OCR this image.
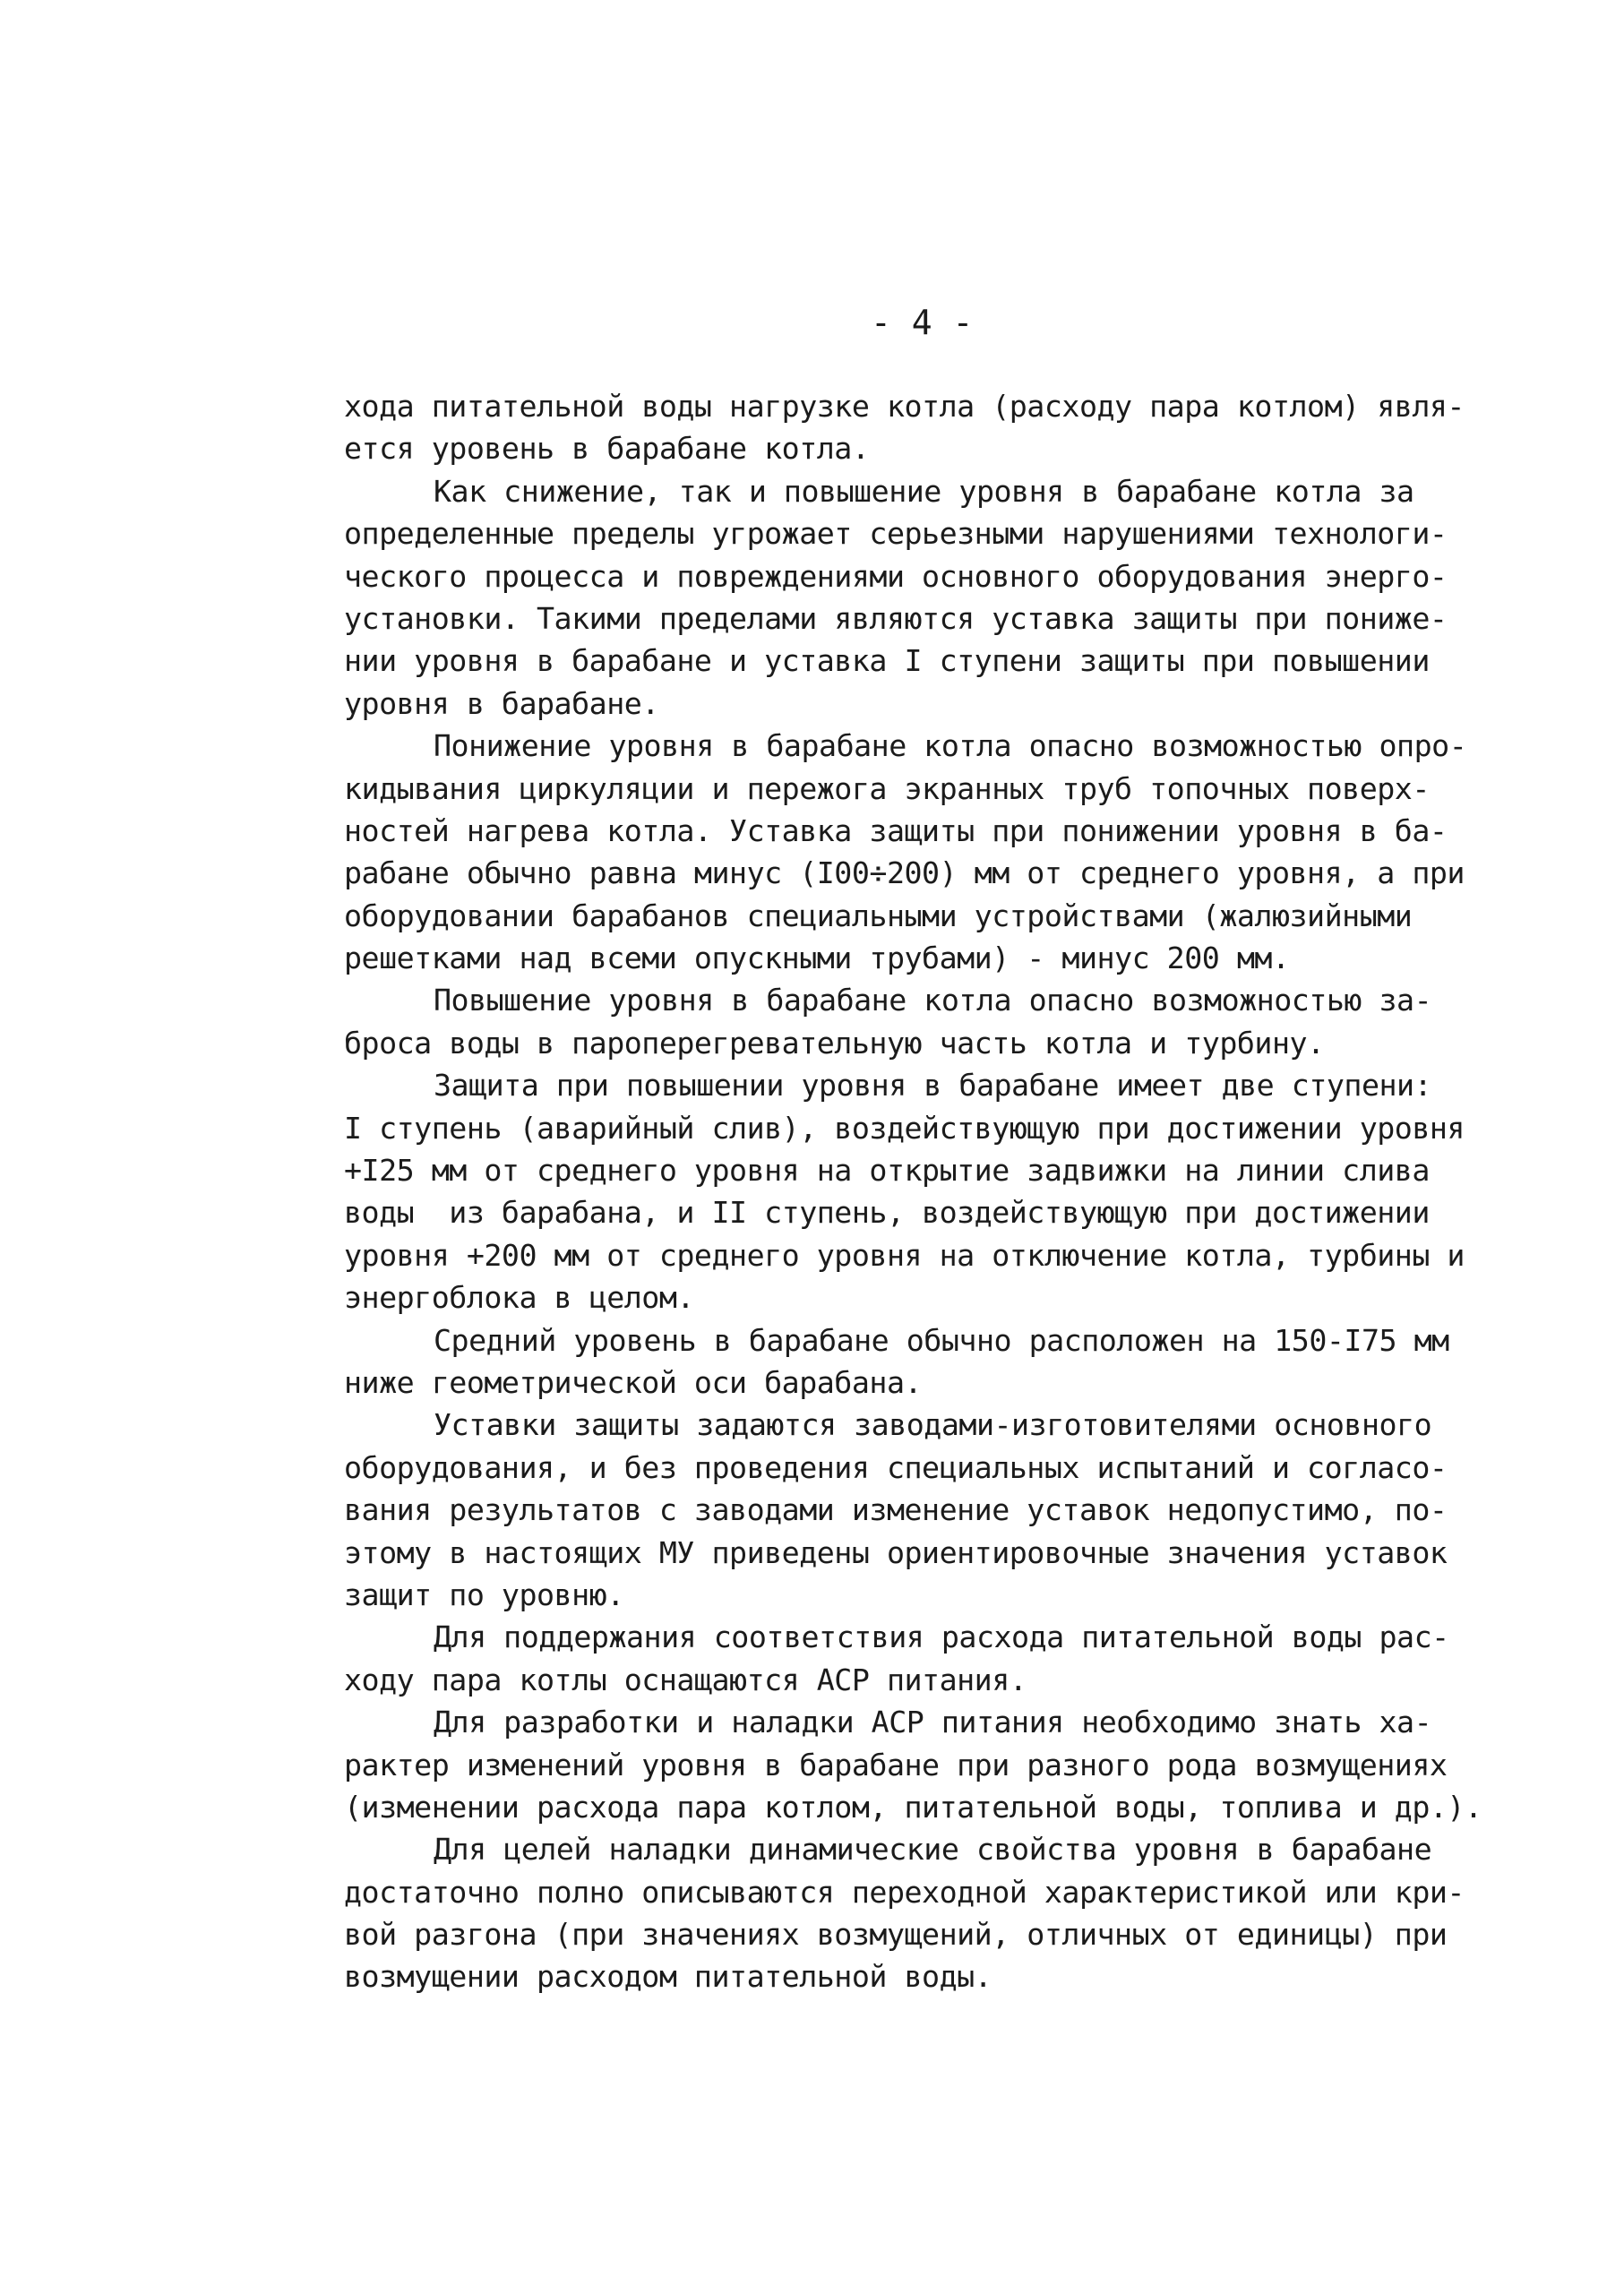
- 4 -
хода питательной воды нагрузке котла (расходу пара котлом) явля-
ется уровень в барабане котла.
Как снижение, так и повышение уровня в барабане котла за
определенные пределы угрожает серьезными нарушениями технологи-
ческого процесса и повреждениями основного оборудования энерго-
установки. Такими пределами являются уставка защиты при пониже-
нии уровня в барабане и уставка I ступени защиты при повышении
уровня в барабане.
Понижение уровня в барабане котла опасно возможностью опро-
кидывания циркуляции и пережога экранных труб топочных поверх-
ностей нагрева котла. Уставка защиты при понижении уровня в ба-
рабане обычно равна минус (I00÷200) мм от среднего уровня, а при
оборудовании барабанов специальными устройствами (жалюзийными
решетками над всеми опускными трубами) - минус 200 мм.
Повышение уровня в барабане котла опасно возможностью за-
броса воды в пароперегревательную часть котла и турбину.
Защита при повышении уровня в барабане имеет две ступени:
I ступень (аварийный слив), воздействующую при достижении уровня
+I25 мм от среднего уровня на открытие задвижки на линии слива
воды  из барабана, и II ступень, воздействующую при достижении
уровня +200 мм от среднего уровня на отключение котла, турбины и
энергоблока в целом.
Средний уровень в барабане обычно расположен на 150-I75 мм
ниже геометрической оси барабана.
Уставки защиты задаются заводами-изготовителями основного
оборудования, и без проведения специальных испытаний и согласо-
вания результатов с заводами изменение уставок недопустимо, по-
этому в настоящих МУ приведены ориентировочные значения уставок
защит по уровню.
Для поддержания соответствия расхода питательной воды рас-
ходу пара котлы оснащаются АСР питания.
Для разработки и наладки АСР питания необходимо знать ха-
рактер изменений уровня в барабане при разного рода возмущениях
(изменении расхода пара котлом, питательной воды, топлива и др.).
Для целей наладки динамические свойства уровня в барабане
достаточно полно описываются переходной характеристикой или кри-
вой разгона (при значениях возмущений, отличных от единицы) при
возмущении расходом питательной воды.
